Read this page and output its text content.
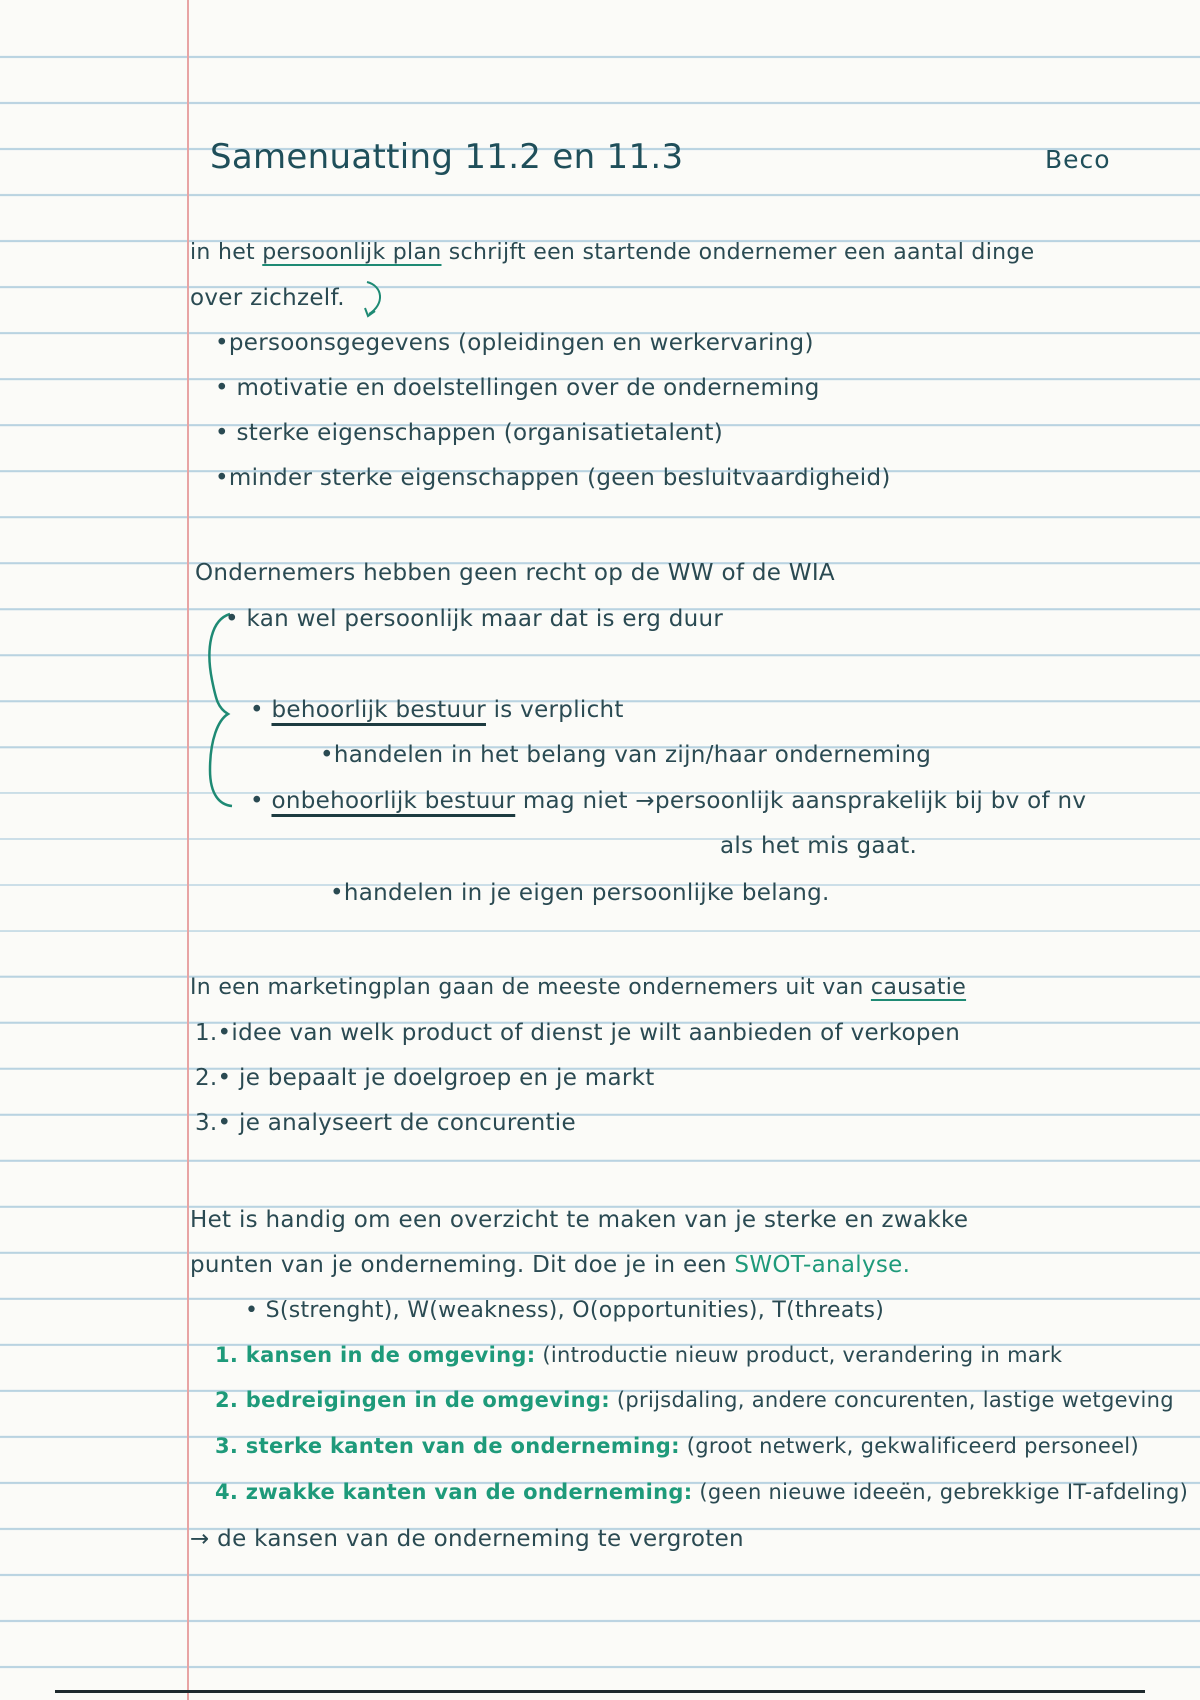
Samenuatting 11.2 en 11.3	Beco
in het persoonlijk plan schrijft een startende ondernemer een aantal dinge
over zichzelf.
•persoonsgegevens (opleidingen en werkervaring)
• motivatie en doelstellingen over de onderneming
• sterke eigenschappen (organisatietalent)
•minder sterke eigenschappen (geen besluitvaardigheid)
Ondernemers hebben geen recht op de WW of de WIA
• kan wel persoonlijk maar dat is erg duur
• behoorlijk bestuur is verplicht
•handelen in het belang van zijn/haar onderneming
• onbehoorlijk bestuur mag niet →persoonlijk aansprakelijk bij bv of nv
als het mis gaat.
•handelen in je eigen persoonlijke belang.
In een marketingplan gaan de meeste ondernemers uit van causatie
1.•idee van welk product of dienst je wilt aanbieden of verkopen
2.• je bepaalt je doelgroep en je markt
3.• je analyseert de concurentie
Het is handig om een overzicht te maken van je sterke en zwakke
punten van je onderneming. Dit doe je in een SWOT-analyse.
• S(strenght), W(weakness), O(opportunities), T(threats)
1. kansen in de omgeving: (introductie nieuw product, verandering in mark
2. bedreigingen in de omgeving: (prijsdaling, andere concurenten, lastige wetgeving
3. sterke kanten van de onderneming: (groot netwerk, gekwalificeerd personeel)
4. zwakke kanten van de onderneming: (geen nieuwe ideeën, gebrekkige IT-afdeling)
→ de kansen van de onderneming te vergroten
